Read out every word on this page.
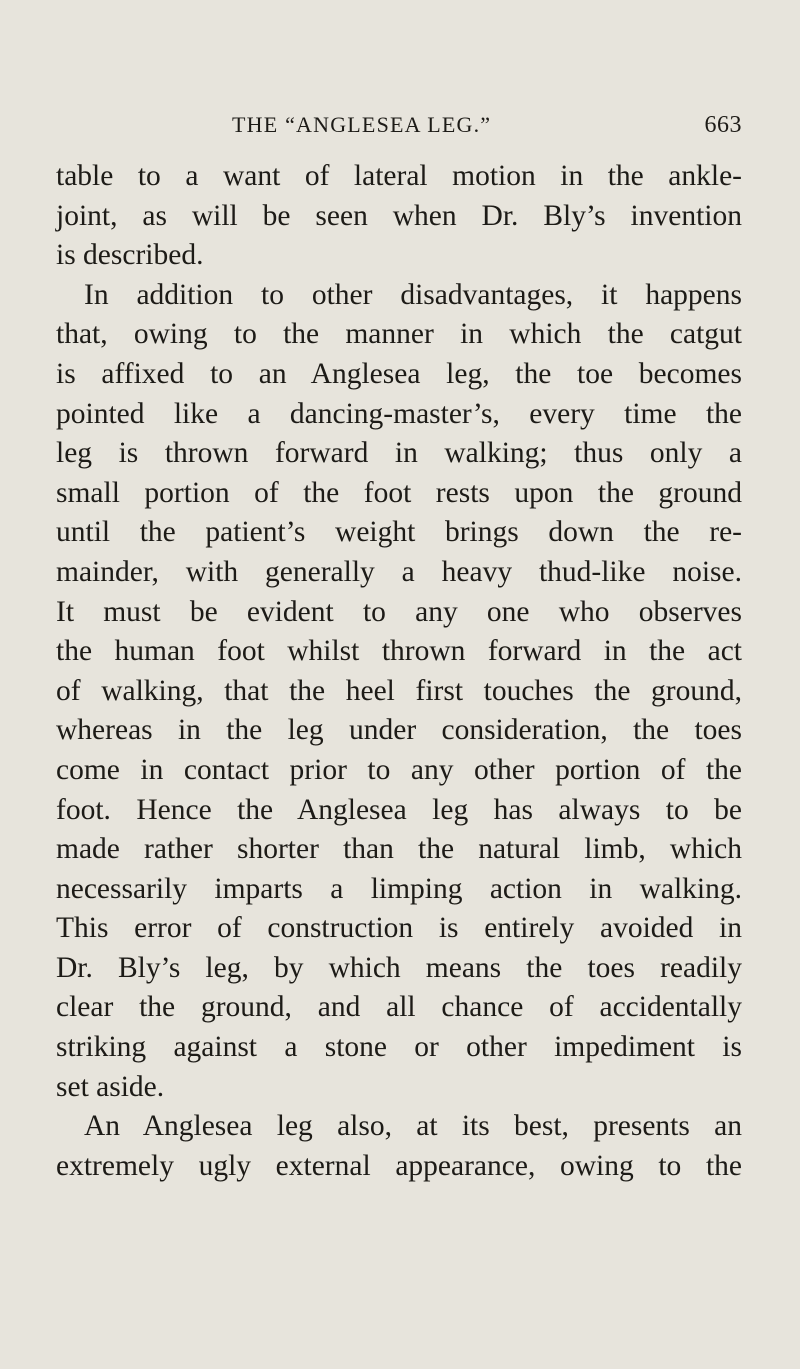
THE “ANGLESEA LEG.”	663
table to a want of lateral motion in the ankle-
joint, as will be seen when Dr. Bly’s invention
is described.
In addition to other disadvantages, it happens
that, owing to the manner in which the catgut
is affixed to an Anglesea leg, the toe becomes
pointed like a dancing-master’s, every time the
leg is thrown forward in walking; thus only a
small portion of the foot rests upon the ground
until the patient’s weight brings down the re-
mainder, with generally a heavy thud-like noise.
It must be evident to any one who observes
the human foot whilst thrown forward in the act
of walking, that the heel first touches the ground,
whereas in the leg under consideration, the toes
come in contact prior to any other portion of the
foot. Hence the Anglesea leg has always to be
made rather shorter than the natural limb, which
necessarily imparts a limping action in walking.
This error of construction is entirely avoided in
Dr. Bly’s leg, by which means the toes readily
clear the ground, and all chance of accidentally
striking against a stone or other impediment is
set aside.
An Anglesea leg also, at its best, presents an
extremely ugly external appearance, owing to the
